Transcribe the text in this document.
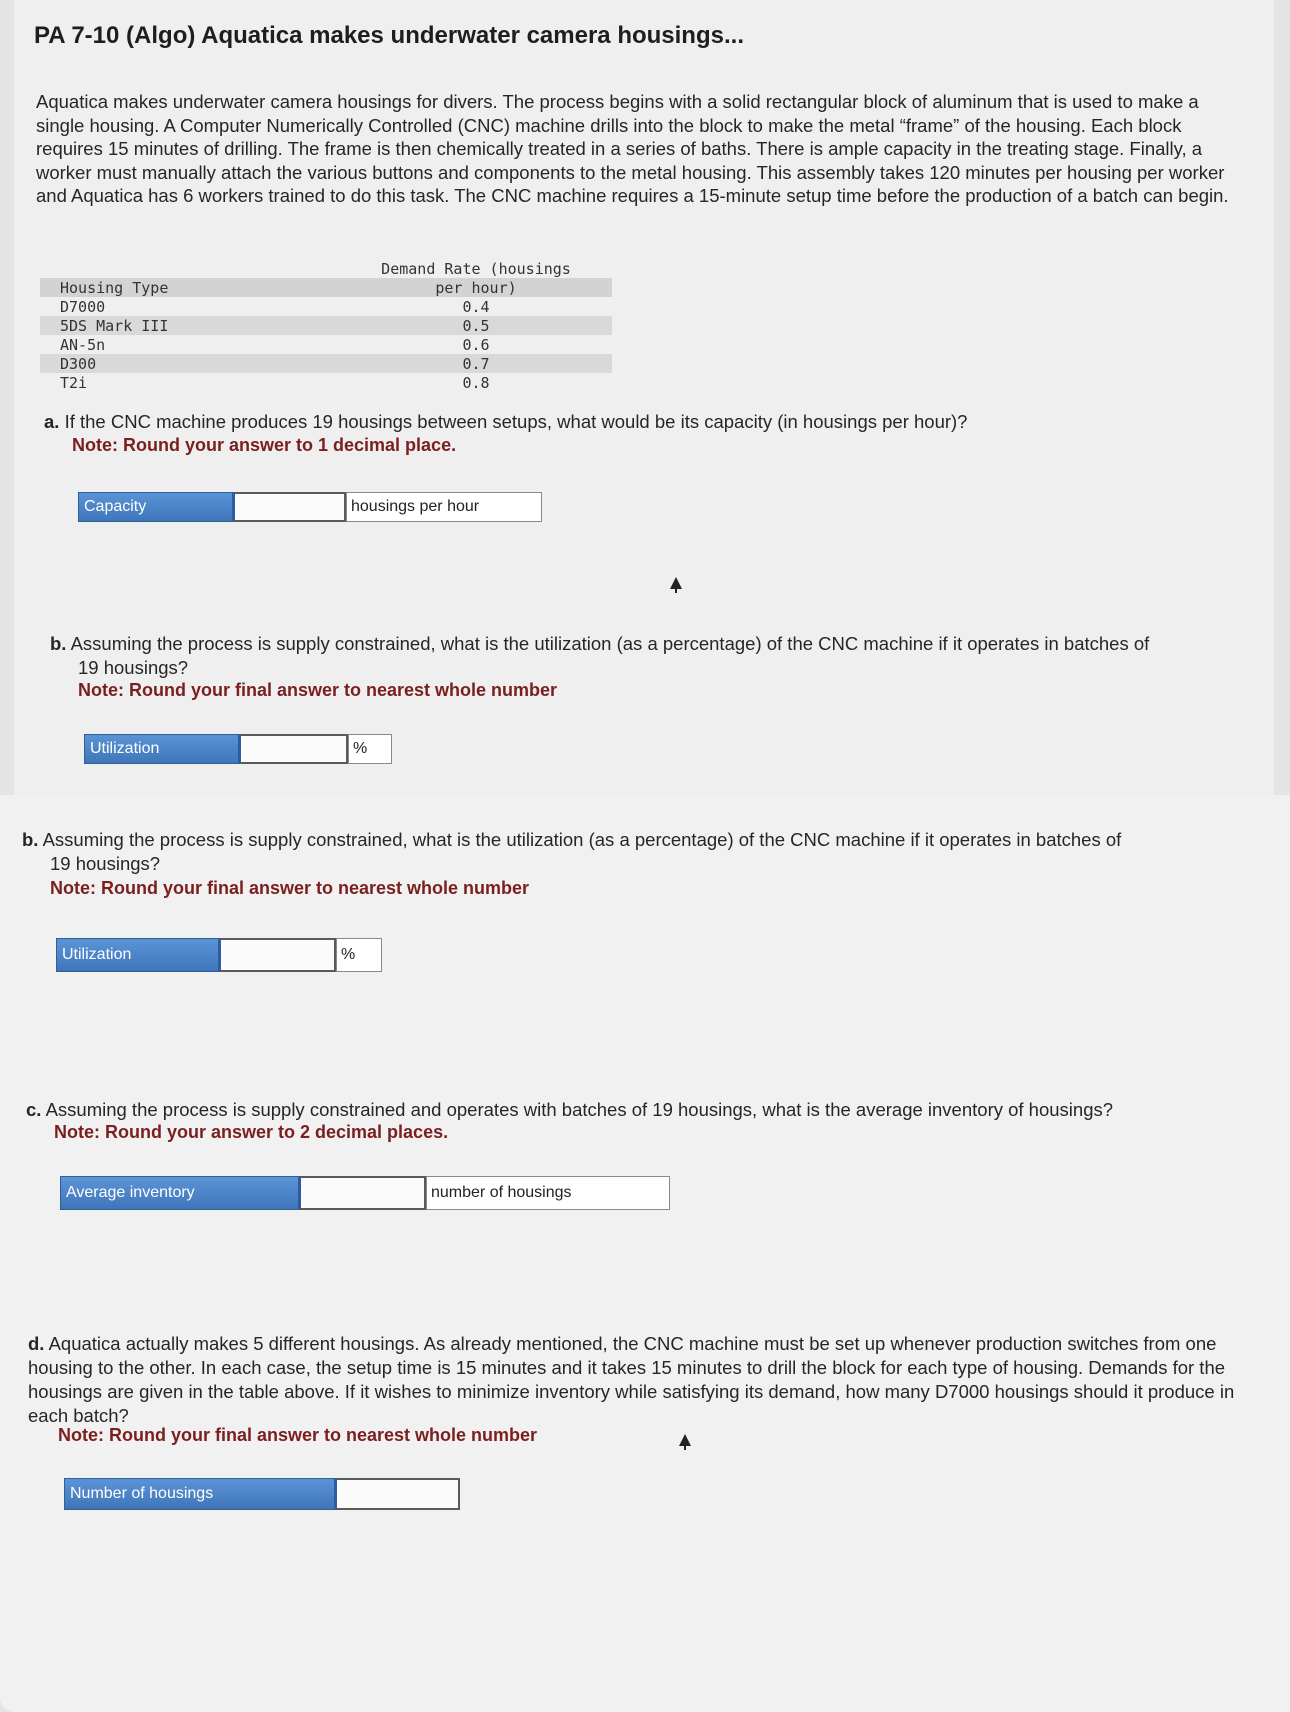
PA 7-10 (Algo) Aquatica makes underwater camera housings...
Aquatica makes underwater camera housings for divers. The process begins with a solid rectangular block of aluminum that is used to make a single housing. A Computer Numerically Controlled (CNC) machine drills into the block to make the metal “frame” of the housing. Each block requires 15 minutes of drilling. The frame is then chemically treated in a series of baths. There is ample capacity in the treating stage. Finally, a worker must manually attach the various buttons and components to the metal housing. This assembly takes 120 minutes per housing per worker and Aquatica has 6 workers trained to do this task. The CNC machine requires a 15-minute setup time before the production of a batch can begin.
Demand Rate (housings
Housing Type	per hour)
D7000	0.4
5DS Mark III	0.5
AN-5n	0.6
D300	0.7
T2i	0.8
a. If the CNC machine produces 19 housings between setups, what would be its capacity (in housings per hour)?
Note: Round your answer to 1 decimal place.
Capacity	housings per hour
b. Assuming the process is supply constrained, what is the utilization (as a percentage) of the CNC machine if it operates in batches of
19 housings?
Note: Round your final answer to nearest whole number
Utilization	%
b. Assuming the process is supply constrained, what is the utilization (as a percentage) of the CNC machine if it operates in batches of
19 housings?
Note: Round your final answer to nearest whole number
Utilization	%
c. Assuming the process is supply constrained and operates with batches of 19 housings, what is the average inventory of housings?
Note: Round your answer to 2 decimal places.
Average inventory	number of housings
d. Aquatica actually makes 5 different housings. As already mentioned, the CNC machine must be set up whenever production switches from one housing to the other. In each case, the setup time is 15 minutes and it takes 15 minutes to drill the block for each type of housing. Demands for the housings are given in the table above. If it wishes to minimize inventory while satisfying its demand, how many D7000 housings should it produce in each batch?
Note: Round your final answer to nearest whole number
Number of housings
